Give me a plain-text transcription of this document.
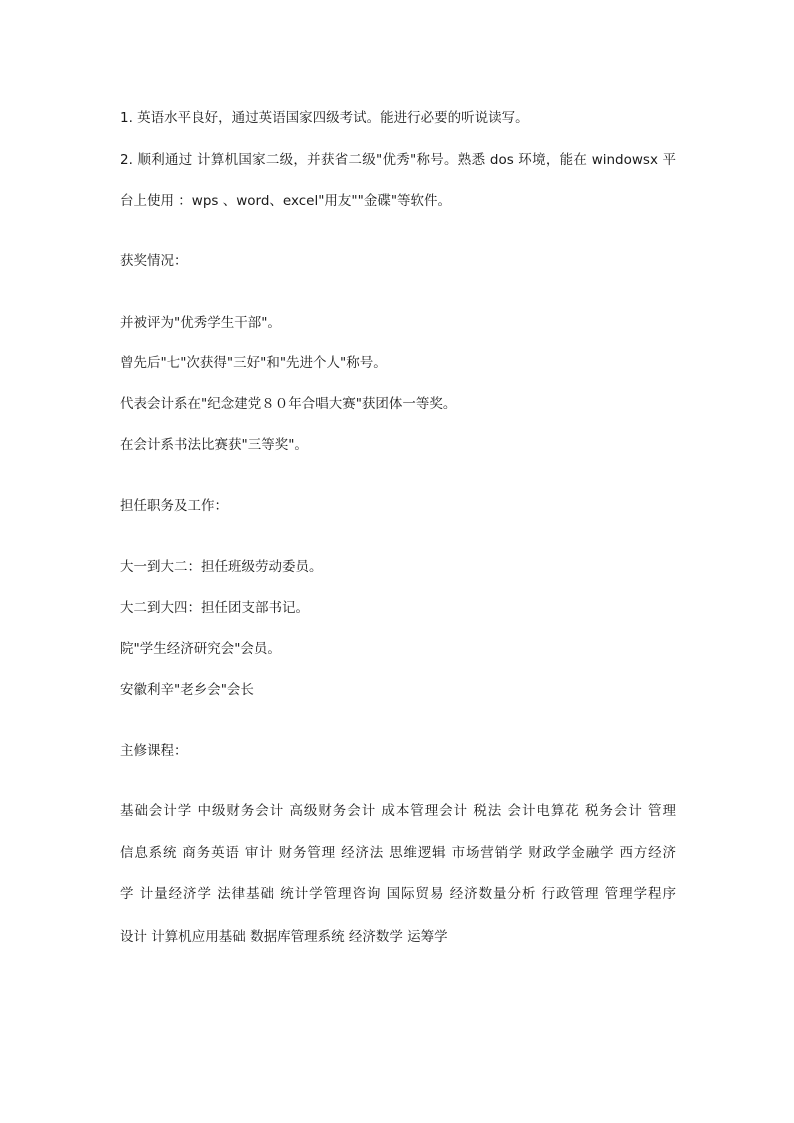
1. 英语水平良好，通过英语国家四级考试。能进行必要的听说读写。
2. 顺利通过 计算机国家二级，并获省二级"优秀"称号。熟悉 dos 环境，能在 windowsx 平
台上使用 ：wps 、word、excel"用友""金碟"等软件。
获奖情况：
并被评为"优秀学生干部"。
曾先后"七"次获得"三好"和"先进个人"称号。
代表会计系在"纪念建党８０年合唱大赛"获团体一等奖。
在会计系书法比赛获"三等奖"。
担任职务及工作：
大一到大二：担任班级劳动委员。
大二到大四：担任团支部书记。
院"学生经济研究会"会员。
安徽利辛"老乡会"会长
主修课程：
基础会计学 中级财务会计 高级财务会计 成本管理会计 税法 会计电算花 税务会计 管理
信息系统 商务英语 审计 财务管理 经济法 思维逻辑 市场营销学 财政学金融学 西方经济
学 计量经济学 法律基础 统计学管理咨询 国际贸易 经济数量分析 行政管理 管理学程序
设计 计算机应用基础 数据库管理系统 经济数学 运筹学
